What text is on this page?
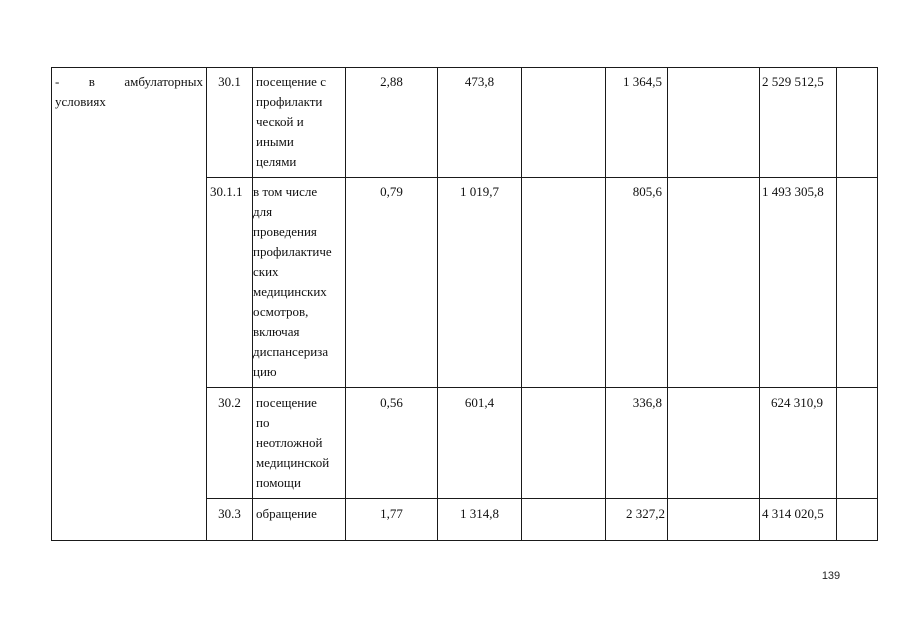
- в амбулаторных
условиях
30.1	посещение с
профилакти
ческой и
иными
целями
2,88	473,8	1 364,5	2 529 512,5
30.1.1 в том числе
для
проведения
профилактиче
ских
медицинских
осмотров,
включая
диспансериза
цию
0,79	1 019,7	805,6	1 493 305,8
30.2	посещение
по
неотложной
медицинской
помощи
0,56	601,4	336,8	624 310,9
30.3	обращение	1,77	1 314,8	2 327,2	4 314 020,5
139
